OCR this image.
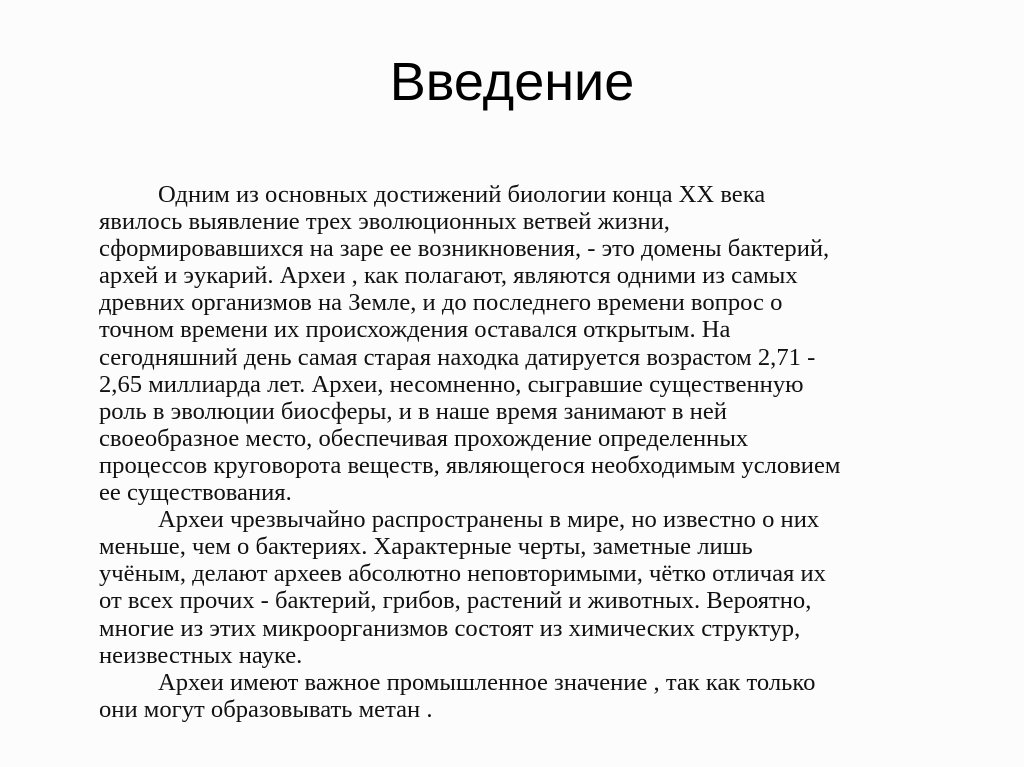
Введение

Одним из основных достижений биологии конца XX века
явилось выявление трех эволюционных ветвей жизни,
сформировавшихся на заре ее возникновения, - это домены бактерий,
архей и эукарий. Археи , как полагают, являются одними из самых
древних организмов на Земле, и до последнего времени вопрос о
точном времени их происхождения оставался открытым. На
сегодняшний день самая старая находка датируется возрастом 2,71 -
2,65 миллиарда лет. Археи, несомненно, сыгравшие существенную
роль в эволюции биосферы, и в наше время занимают в ней
своеобразное место, обеспечивая прохождение определенных
процессов круговорота веществ, являющегося необходимым условием
ее существования.

Археи чрезвычайно распространены в мире, но известно о них
меньше, чем о бактериях. Характерные черты, заметные лишь
учёным, делают археев абсолютно неповторимыми, чётко отличая их
от всех прочих - бактерий, грибов, растений и животных. Вероятно,
многие из этих микроорганизмов состоят из химических структур,
неизвестных науке.

Археи имеют важное промышленное значение , так как только
они могут образовывать метан .
